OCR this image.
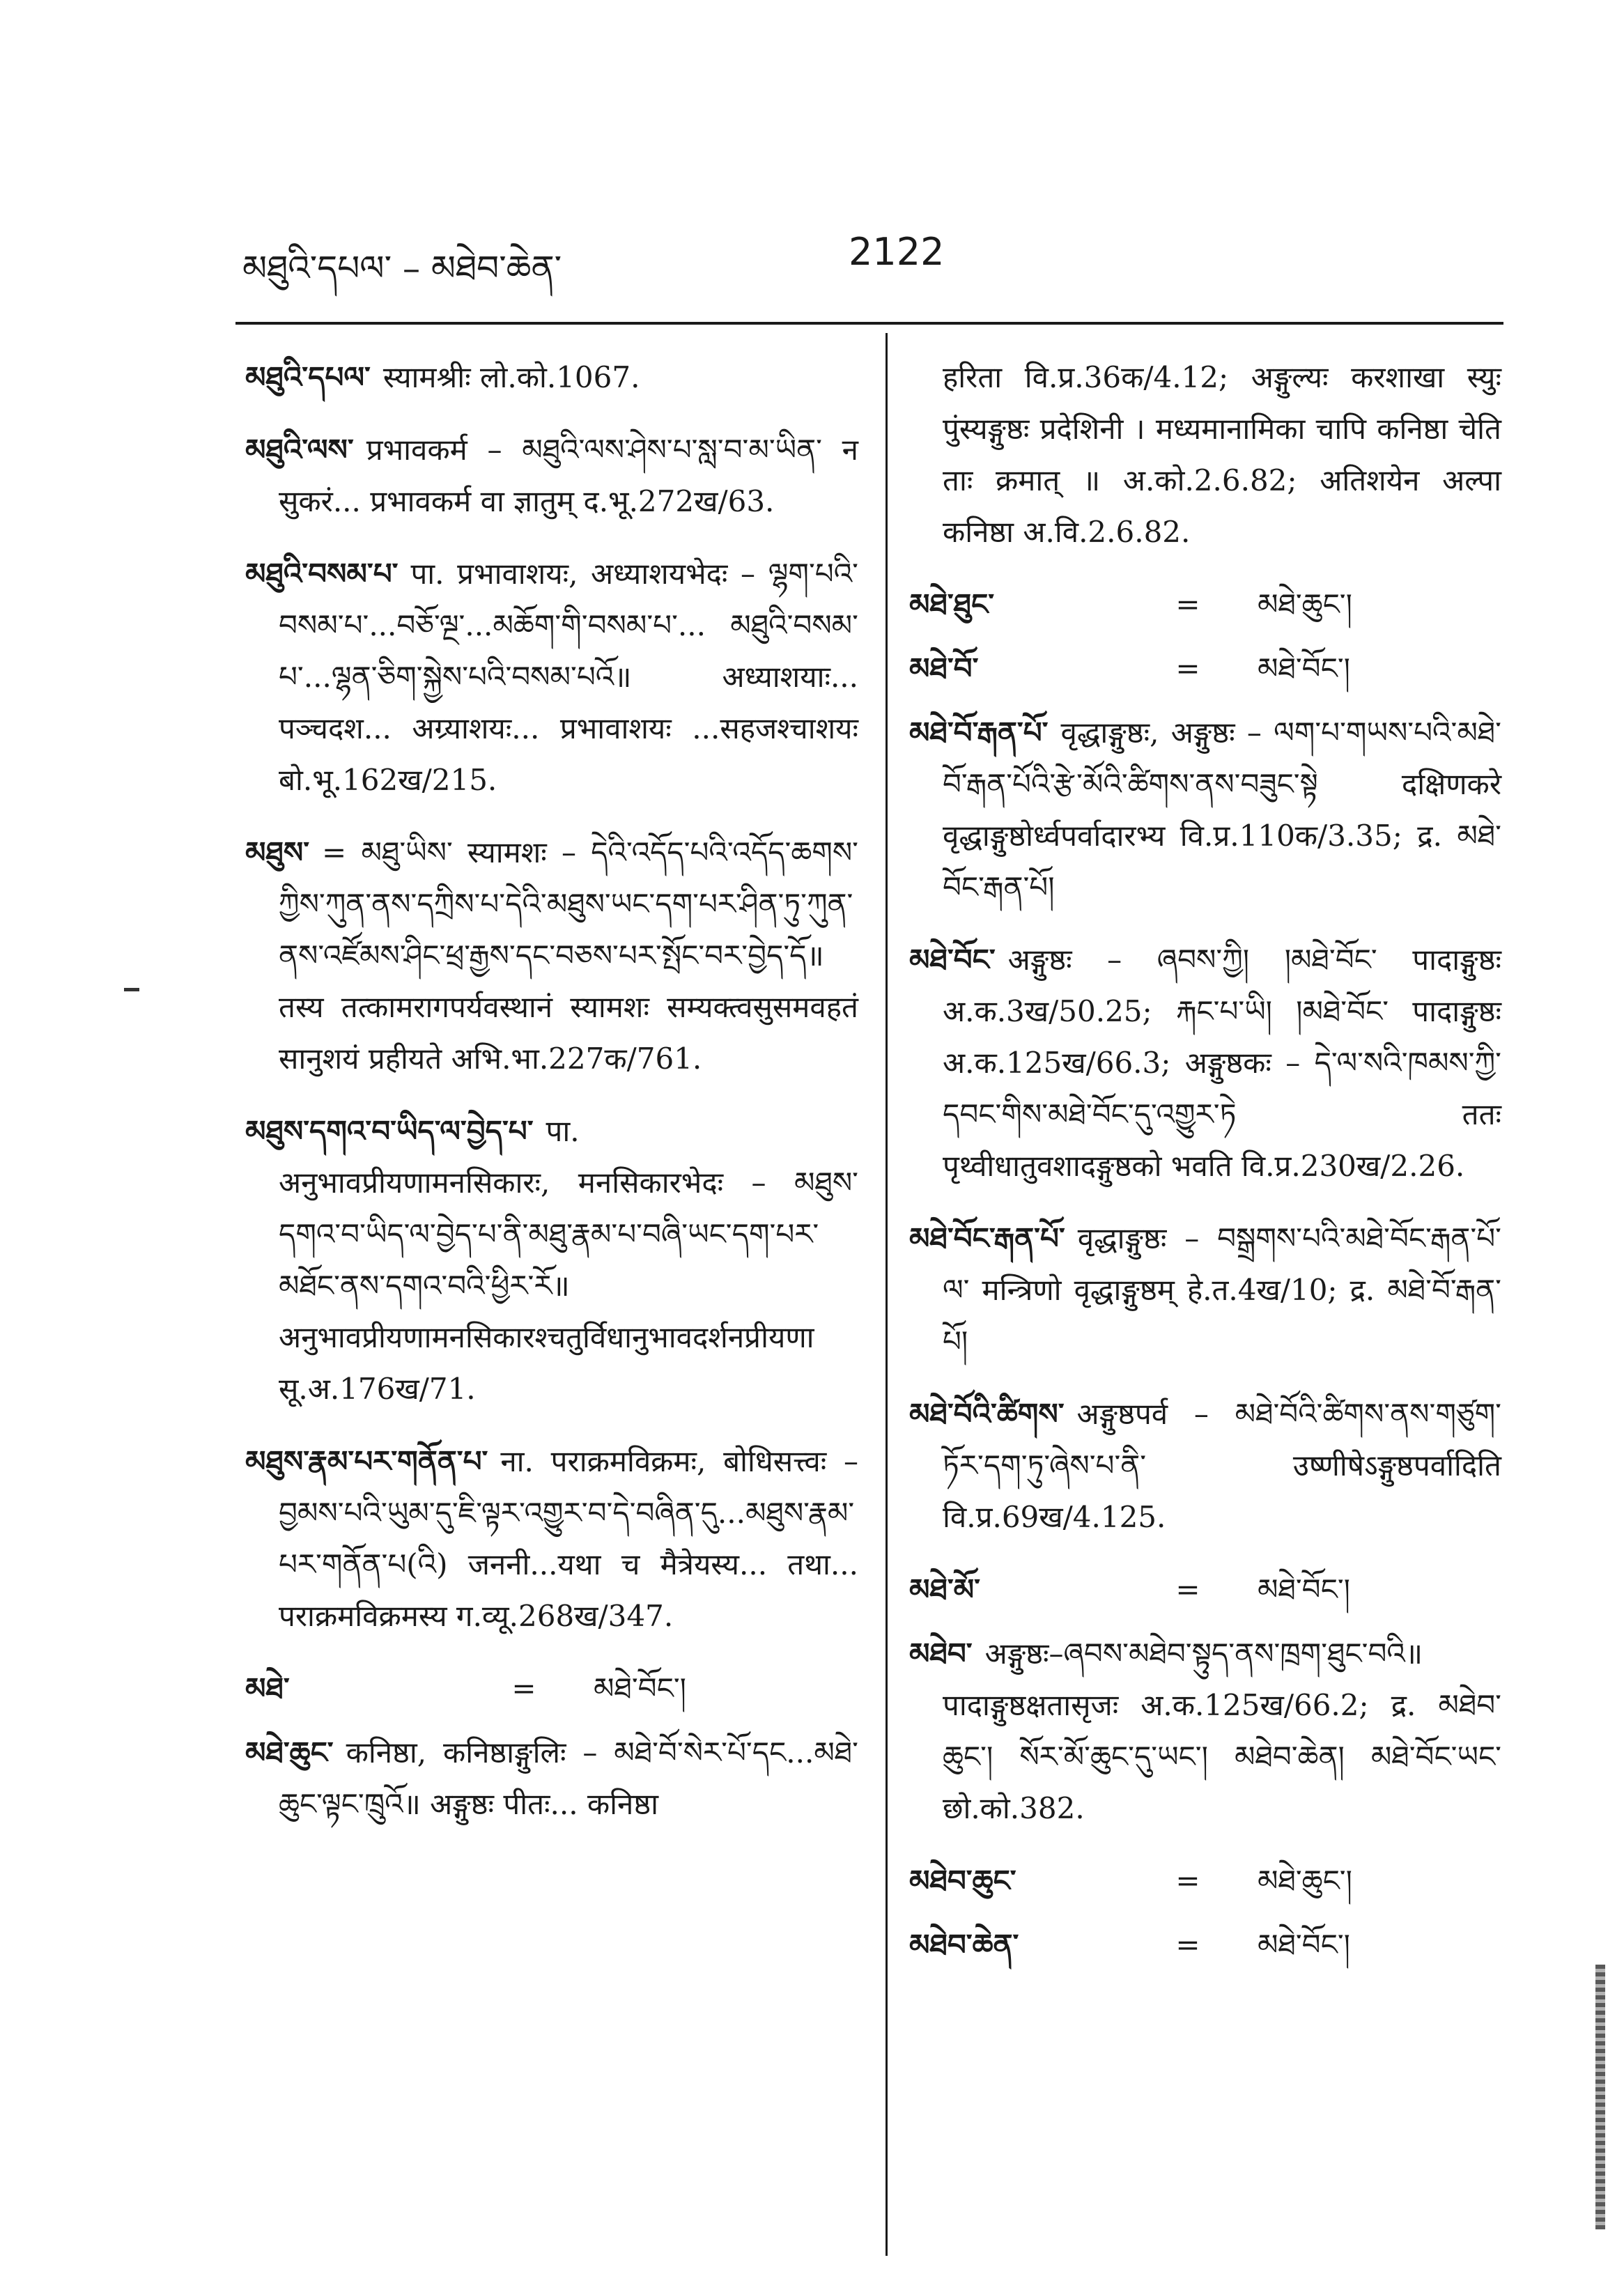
མཐུའི་དཔལ་ – མཐེབ་ཆེན་	2122

མཐུའི་དཔལ་ स्यामश्रीः लो.को.1067.

མཐུའི་ལས་ प्रभावकर्म – མཐུའི་ལས་ཤེས་པ་སླ་བ་མ་ཡིན་ न सुकरं... प्रभावकर्म वा ज्ञातुम् द.भू.272ख/63.

མཐུའི་བསམ་པ་ पा. प्रभावाशयः, अध्याशयभेदः – ལྷག་པའི་བསམ་པ་...བཅོ་ལྔ་...མཆོག་གི་བསམ་པ་... མཐུའི་བསམ་པ་...ལྷན་ཅིག་སྐྱེས་པའི་བསམ་པའོ॥ अध्याशयाः... पञ्चदश... अग्र्याशयः... प्रभावाशयः ...सहजश्चाशयः बो.भू.162ख/215.

མཐུས་ = མཐུ་ཡིས་ स्यामशः – དེའི་འདོད་པའི་འདོད་ཆགས་ཀྱིས་ཀུན་ནས་དཀྲིས་པ་དེའི་མཐུས་ཡང་དག་པར་ཤིན་ཏུ་ཀུན་ནས་འཛོམས་ཤིང་ཕྲ་རྒྱས་དང་བཅས་པར་སྤོང་བར་བྱེད་དོ॥ तस्य तत्कामरागपर्यवस्थानं स्यामशः सम्यक्त्वसुसमवहतं सानुशयं प्रहीयते अभि.भा.227क/761.

མཐུས་དགའ་བ་ཡིད་ལ་བྱེད་པ་ पा. अनुभावप्रीयणामनसिकारः, मनसिकारभेदः – མཐུས་དགའ་བ་ཡིད་ལ་བྱེད་པ་ནི་མཐུ་རྣམ་པ་བཞི་ཡང་དག་པར་མཐོང་ནས་དགའ་བའི་ཕྱིར་རོ॥ अनुभावप्रीयणामनसिकारश्चतुर्विधानुभावदर्शनप्रीयणा सू.अ.176ख/71.

མཐུས་རྣམ་པར་གནོན་པ་ ना. पराक्रमविक्रमः, बोधिसत्त्वः – བྱམས་པའི་ཡུམ་དུ་ཇི་ལྟར་འགྱུར་བ་དེ་བཞིན་དུ...མཐུས་རྣམ་པར་གནོན་པ(འི) जननी...यथा च मैत्रेयस्य... तथा... पराक्रमविक्रमस्य ग.व्यू.268ख/347.

མཐེ་	=	མཐེ་བོང་།

མཐེ་ཆུང་ कनिष्ठा, कनिष्ठाङ्गुलिः – མཐེ་བོ་སེར་པོ་དང...མཐེ་ཆུང་ལྟང་ཁྲུའོ॥ अङ्गुष्ठः पीतः... कनिष्ठा

हरिता वि.प्र.36क/4.12; अङ्गुल्यः करशाखा स्युः पुंस्यङ्गुष्ठः प्रदेशिनी । मध्यमानामिका चापि कनिष्ठा चेति ताः क्रमात् ॥ अ.को.2.6.82; अतिशयेन अल्पा कनिष्ठा अ.वि.2.6.82.

མཐེ་ཐུང་	=	མཐེ་ཆུང་།
མཐེ་བོ་	=	མཐེ་བོང་།

མཐེ་བོ་རྒན་པོ་ वृद्धाङ्गुष्ठः, अङ्गुष्ठः – ལག་པ་གཡས་པའི་མཐེ་བོ་རྒན་པོའི་རྩེ་མོའི་ཚིགས་ནས་བཟུང་སྟེ दक्षिणकरे वृद्धाङ्गुष्ठोर्ध्वपर्वादारभ्य वि.प्र.110क/3.35; द्र. མཐེ་བོང་རྒན་པོ།

མཐེ་བོང་ अङ्गुष्ठः – ཞབས་ཀྱི། །མཐེ་བོང་ पादाङ्गुष्ठः अ.क.3ख/50.25; རྐང་པ་ཡི། །མཐེ་བོང་ पादाङ्गुष्ठः अ.क.125ख/66.3; अङ्गुष्ठकः – དེ་ལ་སའི་ཁམས་ཀྱི་དབང་གིས་མཐེ་བོང་དུ་འགྱུར་ཏེ ततः पृथ्वीधातुवशादङ्गुष्ठको भवति वि.प्र.230ख/2.26.

མཐེ་བོང་རྒན་པོ་ वृद्धाङ्गुष्ठः – བསྒྲགས་པའི་མཐེ་བོང་རྒན་པོ་ལ་ मन्त्रिणो वृद्धाङ्गुष्ठम् हे.त.4ख/10; द्र. མཐེ་བོ་རྒན་པོ།

མཐེ་བོའི་ཚིགས་ अङ्गुष्ठपर्व – མཐེ་བོའི་ཚིགས་ནས་གཙུག་ཏོར་དག་ཏུ་ཞེས་པ་ནི་ उष्णीषेऽङ्गुष्ठपर्वादिति वि.प्र.69ख/4.125.

མཐེ་མོ་	=	མཐེ་བོང་།

མཐེབ་ अङ्गुष्ठः–ཞབས་མཐེབ་སྟུད་ནས་ཁྲག་ཐུང་བའི॥ पादाङ्गुष्ठक्षतासृजः अ.क.125ख/66.2; द्र. མཐེབ་ཆུང་། སོར་མོ་ཆུང་དུ་ཡང་། མཐེབ་ཆེན། མཐེ་བོང་ཡང་ छो.को.382.

མཐེབ་ཆུང་	=	མཐེ་ཆུང་།
མཐེབ་ཆེན་	=	མཐེ་བོང་།
